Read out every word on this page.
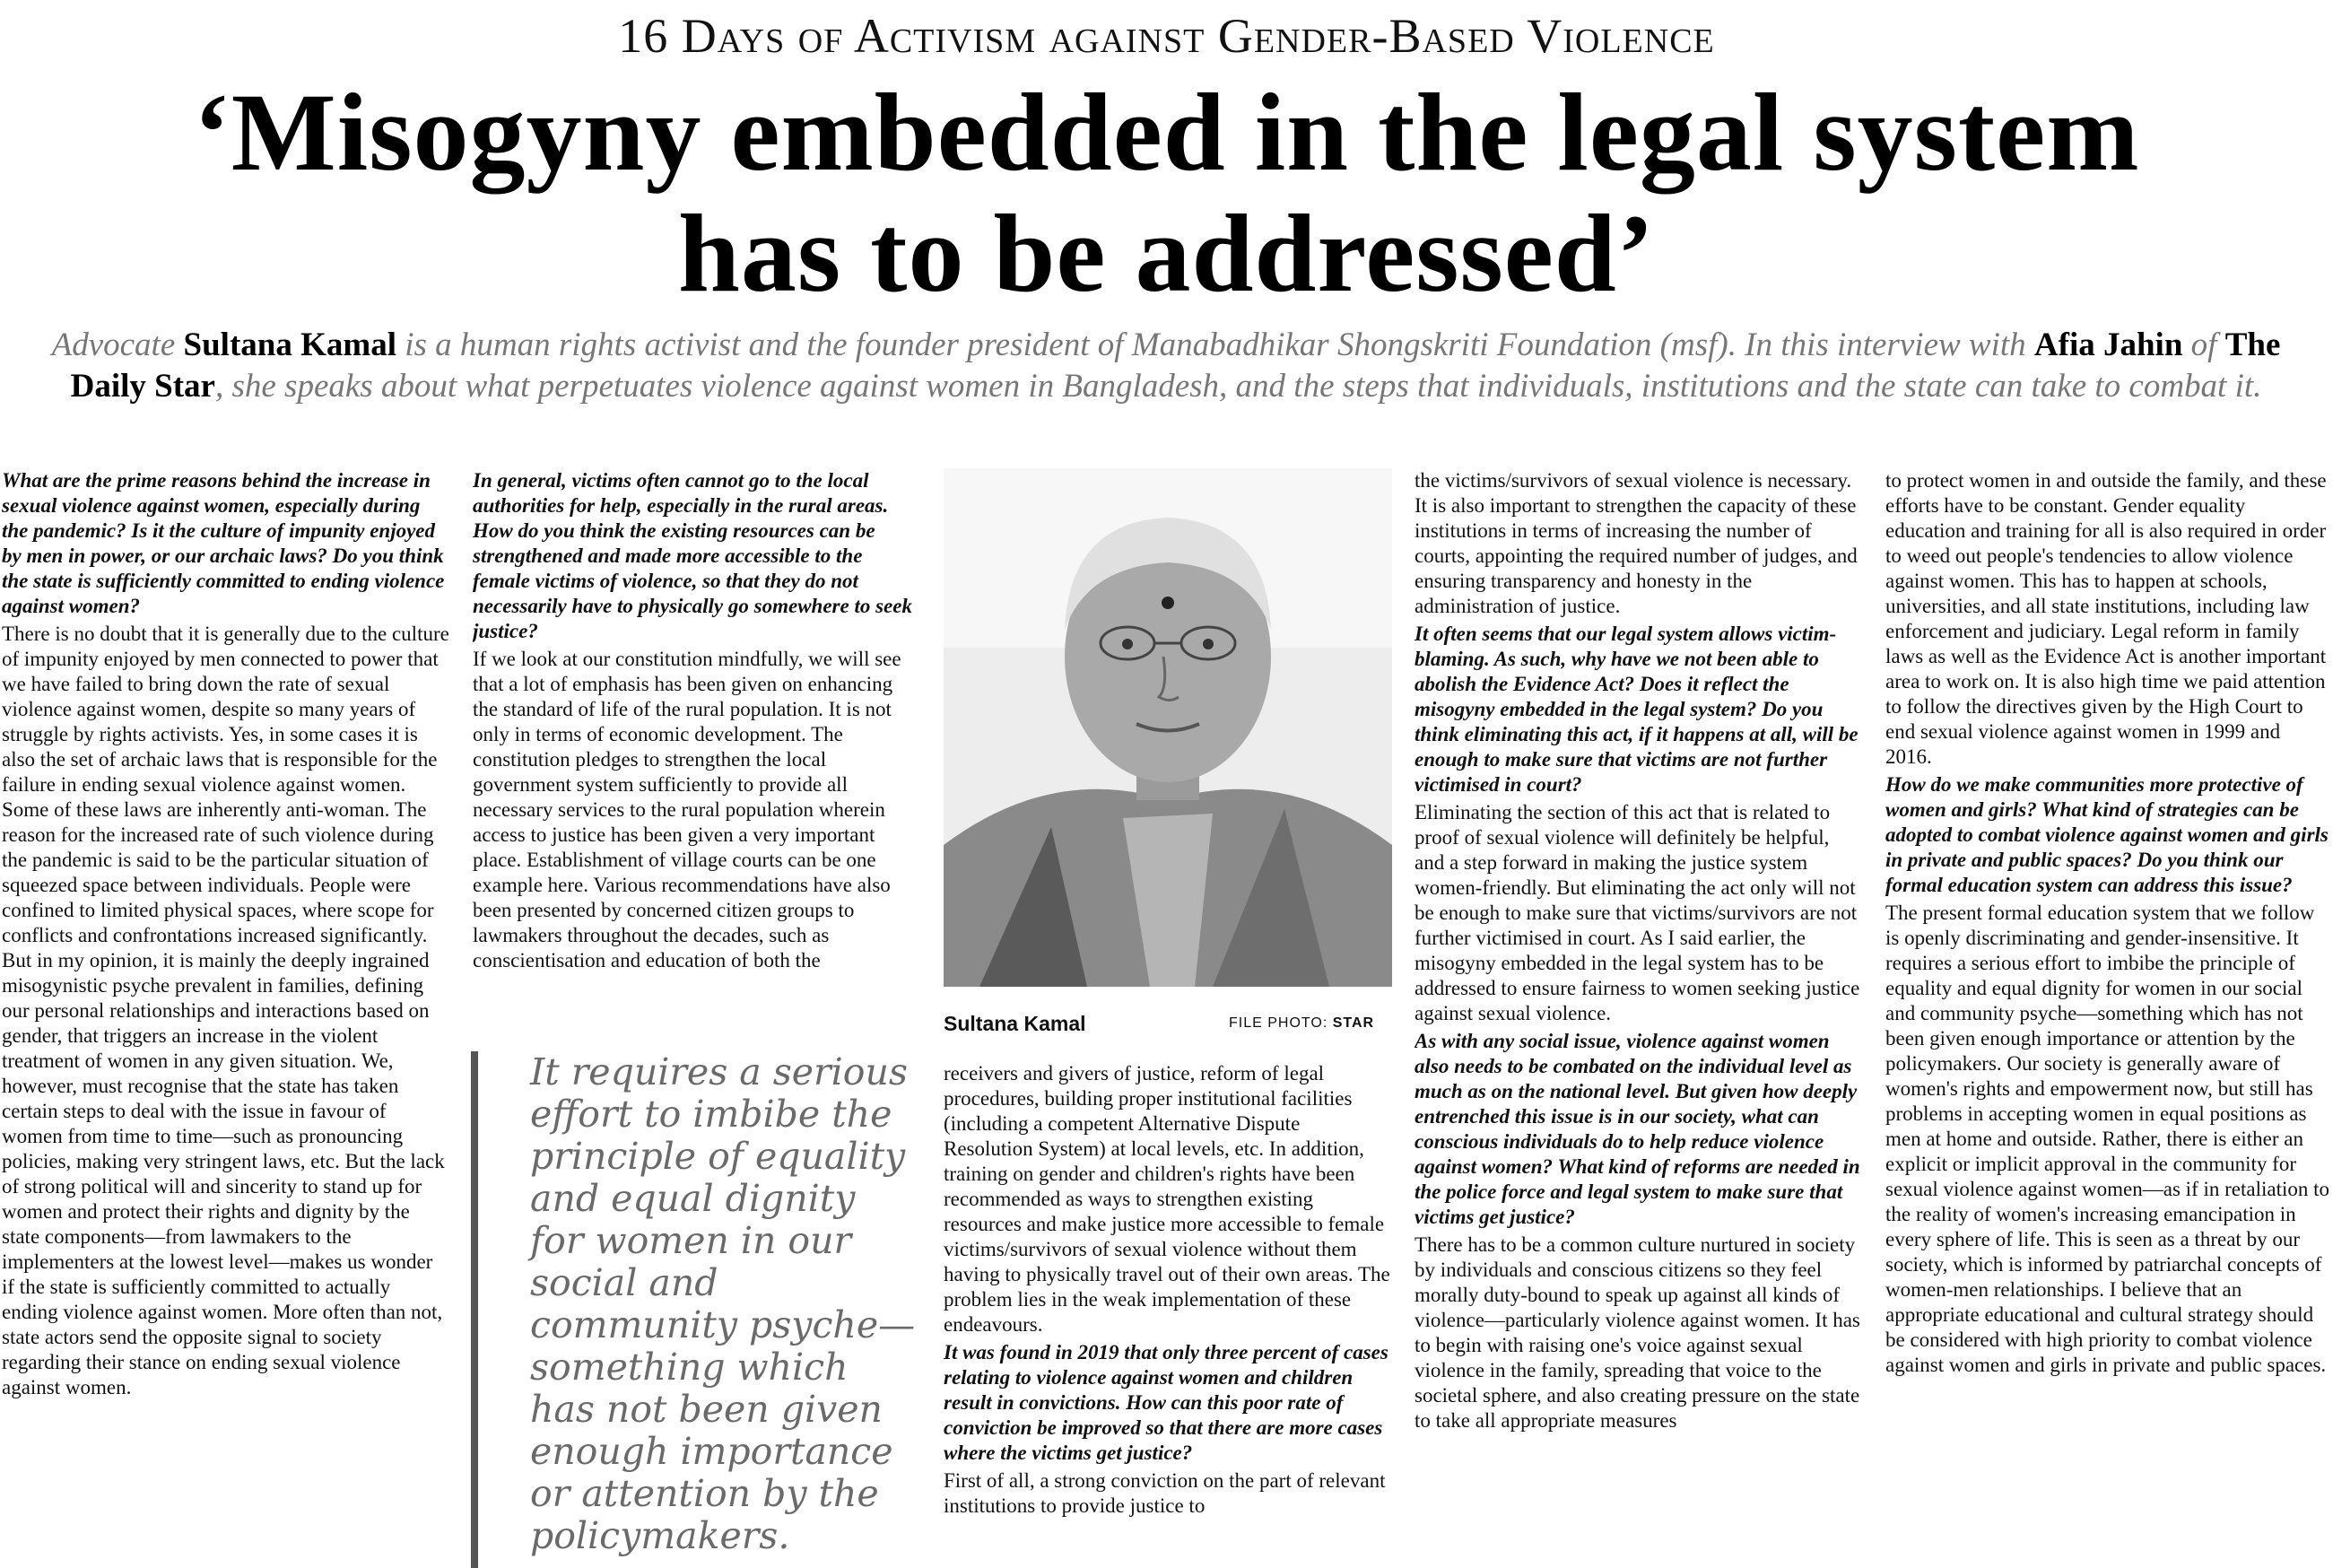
16 Days of Activism against Gender-Based Violence
‘Misogyny embedded in the legal system
has to be addressed’
Advocate Sultana Kamal is a human rights activist and the founder president of Manabadhikar Shongskriti Foundation (msf). In this interview with Afia Jahin of The Daily Star, she speaks about what perpetuates violence against women in Bangladesh, and the steps that individuals, institutions and the state can take to combat it.

What are the prime reasons behind the increase in sexual violence against women, especially during the pandemic? Is it the culture of impunity enjoyed by men in power, or our archaic laws? Do you think the state is sufficiently committed to ending violence against women?

There is no doubt that it is generally due to the culture of impunity enjoyed by men connected to power that we have failed to bring down the rate of sexual violence against women, despite so many years of struggle by rights activists. Yes, in some cases it is also the set of archaic laws that is responsible for the failure in ending sexual violence against women. Some of these laws are inherently anti-woman. The reason for the increased rate of such violence during the pandemic is said to be the particular situation of squeezed space between individuals. People were confined to limited physical spaces, where scope for conflicts and confrontations increased significantly. But in my opinion, it is mainly the deeply ingrained misogynistic psyche prevalent in families, defining our personal relationships and interactions based on gender, that triggers an increase in the violent treatment of women in any given situation. We, however, must recognise that the state has taken certain steps to deal with the issue in favour of women from time to time—such as pronouncing policies, making very stringent laws, etc. But the lack of strong political will and sincerity to stand up for women and protect their rights and dignity by the state components—from lawmakers to the implementers at the lowest level—makes us wonder if the state is sufficiently committed to actually ending violence against women. More often than not, state actors send the opposite signal to society regarding their stance on ending sexual violence against women.

In general, victims often cannot go to the local authorities for help, especially in the rural areas. How do you think the existing resources can be strengthened and made more accessible to the female victims of violence, so that they do not necessarily have to physically go somewhere to seek justice?

If we look at our constitution mindfully, we will see that a lot of emphasis has been given on enhancing the standard of life of the rural population. It is not only in terms of economic development. The constitution pledges to strengthen the local government system sufficiently to provide all necessary services to the rural population wherein access to justice has been given a very important place. Establishment of village courts can be one example here. Various recommendations have also been presented by concerned citizen groups to lawmakers throughout the decades, such as conscientisation and education of both the

It requires a serious effort to imbibe the principle of equality and equal dignity for women in our social and community psyche—something which has not been given enough importance or attention by the policymakers.
Sultana Kamal	FILE PHOTO: STAR

receivers and givers of justice, reform of legal procedures, building proper institutional facilities (including a competent Alternative Dispute Resolution System) at local levels, etc. In addition, training on gender and children's rights have been recommended as ways to strengthen existing resources and make justice more accessible to female victims/survivors of sexual violence without them having to physically travel out of their own areas. The problem lies in the weak implementation of these endeavours.

It was found in 2019 that only three percent of cases relating to violence against women and children result in convictions. How can this poor rate of conviction be improved so that there are more cases where the victims get justice?

First of all, a strong conviction on the part of relevant institutions to provide justice to

the victims/survivors of sexual violence is necessary. It is also important to strengthen the capacity of these institutions in terms of increasing the number of courts, appointing the required number of judges, and ensuring transparency and honesty in the administration of justice.

It often seems that our legal system allows victim-blaming. As such, why have we not been able to abolish the Evidence Act? Does it reflect the misogyny embedded in the legal system? Do you think eliminating this act, if it happens at all, will be enough to make sure that victims are not further victimised in court?

Eliminating the section of this act that is related to proof of sexual violence will definitely be helpful, and a step forward in making the justice system women-friendly. But eliminating the act only will not be enough to make sure that victims/survivors are not further victimised in court. As I said earlier, the misogyny embedded in the legal system has to be addressed to ensure fairness to women seeking justice against sexual violence.

As with any social issue, violence against women also needs to be combated on the individual level as much as on the national level. But given how deeply entrenched this issue is in our society, what can conscious individuals do to help reduce violence against women? What kind of reforms are needed in the police force and legal system to make sure that victims get justice?

There has to be a common culture nurtured in society by individuals and conscious citizens so they feel morally duty-bound to speak up against all kinds of violence—particularly violence against women. It has to begin with raising one's voice against sexual violence in the family, spreading that voice to the societal sphere, and also creating pressure on the state to take all appropriate measures

to protect women in and outside the family, and these efforts have to be constant. Gender equality education and training for all is also required in order to weed out people's tendencies to allow violence against women. This has to happen at schools, universities, and all state institutions, including law enforcement and judiciary. Legal reform in family laws as well as the Evidence Act is another important area to work on. It is also high time we paid attention to follow the directives given by the High Court to end sexual violence against women in 1999 and 2016.

How do we make communities more protective of women and girls? What kind of strategies can be adopted to combat violence against women and girls in private and public spaces? Do you think our formal education system can address this issue?

The present formal education system that we follow is openly discriminating and gender-insensitive. It requires a serious effort to imbibe the principle of equality and equal dignity for women in our social and community psyche—something which has not been given enough importance or attention by the policymakers. Our society is generally aware of women's rights and empowerment now, but still has problems in accepting women in equal positions as men at home and outside. Rather, there is either an explicit or implicit approval in the community for sexual violence against women—as if in retaliation to the reality of women's increasing emancipation in every sphere of life. This is seen as a threat by our society, which is informed by patriarchal concepts of women-men relationships. I believe that an appropriate educational and cultural strategy should be considered with high priority to combat violence against women and girls in private and public spaces.
